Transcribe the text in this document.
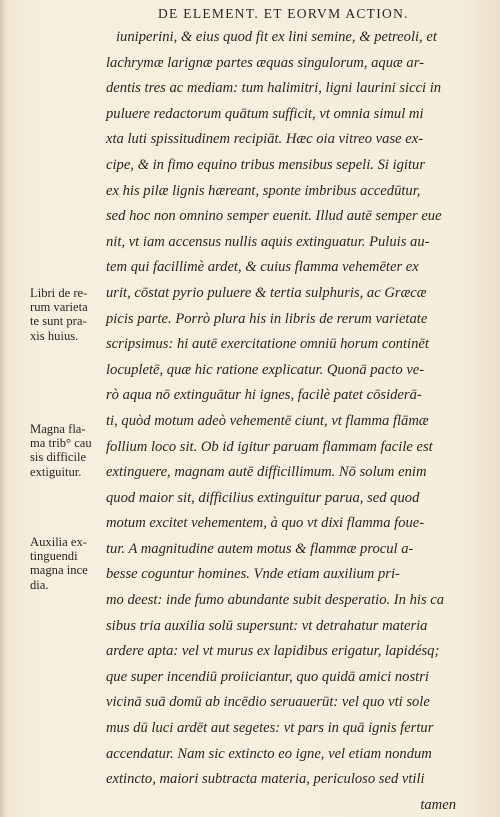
DE ELEMENT. ET EORVM ACTION.
iuniperini, & eius quod fit ex lini semine, & petreoli, et
lachrymæ larignæ partes æquas singulorum, aquæ ar-
dentis tres ac mediam: tum halimitri, ligni laurini sicci in
puluere redactorum quātum sufficit, vt omnia simul mi
xta luti spissitudinem recipiāt. Hæc oia vitreo vase ex-
cipe, & in fimo equino tribus mensibus sepeli. Si igitur
ex his pilæ lignis hæreant, sponte imbribus accedūtur,
sed hoc non omnino semper euenit. Illud autē semper eue
nit, vt iam accensus nullis aquis extinguatur. Puluis au-
tem qui facillimè ardet, & cuius flamma vehemēter ex
urit, cōstat pyrio puluere & tertia sulphuris, ac Græcæ
picis parte. Porrò plura his in libris de rerum varietate
scripsimus: hi autē exercitatione omniū horum continēt
locupletē, quæ hic ratione explicatur. Quonā pacto ve-
rò aqua nō extinguātur hi ignes, facilè patet cōsiderā-
ti, quòd motum adeò vehementē ciunt, vt flamma flāmæ
follium loco sit. Ob id igitur paruam flammam facile est
extinguere, magnam autē difficillimum. Nō solum enim
quod maior sit, difficilius extinguitur parua, sed quod
motum excitet vehementem, à quo vt dixi flamma foue-
tur. A magnitudine autem motus & flammæ procul a-
besse coguntur homines. Vnde etiam auxilium pri-
mo deest: inde fumo abundante subit desperatio. In his ca
sibus tria auxilia solū supersunt: vt detrahatur materia
ardere apta: vel vt murus ex lapidibus erigatur, lapidésq;
que super incendiū proiiciantur, quo quidā amici nostri
vicinā suā domū ab incēdio seruauerūt: vel quo vti sole
mus dū luci ardēt aut segetes: vt pars in quā ignis fertur
accendatur. Nam sic extincto eo igne, vel etiam nondum
extincto, maiori subtracta materia, periculoso sed vtili
tamen
Libri de re-
rum varieta
te sunt pra-
xis huius.
Magna fla-
ma trib° cau
sis difficile
extiguitur.
Auxilia ex-
tinguendi
magna ince
dia.
